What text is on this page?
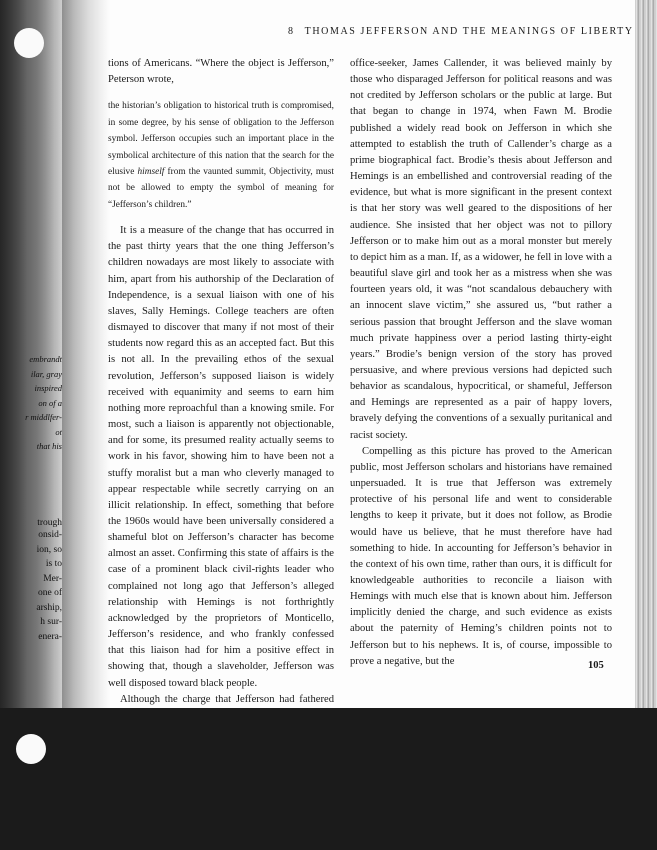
embrandt
ilar, gray
inspired
on of a
r middlfer-
ot
that his

trough
onsid-
ion, so
is to
Mer-
one of
arship,
h sur-
enera-
8 THOMAS JEFFERSON AND THE MEANINGS OF LIBERTY

tions of Americans. “Where the object is Jefferson,” Peterson wrote,

the historian’s obligation to historical truth is compromised, in some degree, by his sense of obligation to the Jefferson symbol. Jefferson occupies such an important place in the symbolical architecture of this nation that the search for the elusive himself from the vaunted summit, Objectivity, must not be allowed to empty the symbol of meaning for “Jefferson’s children.”

It is a measure of the change that has occurred in the past thirty years that the one thing Jefferson’s children nowadays are most likely to associate with him, apart from his authorship of the Declaration of Independence, is a sexual liaison with one of his slaves, Sally Hemings. College teachers are often dismayed to discover that many if not most of their students now regard this as an accepted fact. But this is not all. In the prevailing ethos of the sexual revolution, Jefferson’s supposed liaison is widely received with equanimity and seems to earn him nothing more reproachful than a knowing smile. For most, such a liaison is apparently not objectionable, and for some, its presumed reality actually seems to work in his favor, showing him to have been not a stuffy moralist but a man who cleverly managed to appear respectable while secretly carrying on an illicit relationship. In effect, something that before the 1960s would have been universally considered a shameful blot on Jefferson’s character has become almost an asset. Confirming this state of affairs is the case of a prominent black civil-rights leader who complained not long ago that Jefferson’s alleged relationship with Hemings is not forthrightly acknowledged by the proprietors of Monticello, Jefferson’s residence, and who frankly confessed that this liaison had for him a positive effect in showing that, though a slaveholder, Jefferson was well disposed toward black people.

Although the charge that Jefferson had fathered

office-seeker, James Callender, it was believed mainly by those who disparaged Jefferson for political reasons and was not credited by Jefferson scholars or the public at large. But that began to change in 1974, when Fawn M. Brodie published a widely read book on Jefferson in which she attempted to establish the truth of Callender’s charge as a prime biographical fact. Brodie’s thesis about Jefferson and Hemings is an embellished and controversial reading of the evidence, but what is more significant in the present context is that her story was well geared to the dispositions of her audience. She insisted that her object was not to pillory Jefferson or to make him out as a moral monster but merely to depict him as a man. If, as a widower, he fell in love with a beautiful slave girl and took her as a mistress when she was fourteen years old, it was “not scandalous debauchery with an innocent slave victim,” she assured us, “but rather a serious passion that brought Jefferson and the slave woman much private happiness over a period lasting thirty-eight years.” Brodie’s benign version of the story has proved persuasive, and where previous versions had depicted such behavior as scandalous, hypocritical, or shameful, Jefferson and Hemings are represented as a pair of happy lovers, bravely defying the conventions of a sexually puritanical and racist society.

Compelling as this picture has proved to the American public, most Jefferson scholars and historians have remained unpersuaded. It is true that Jefferson was extremely protective of his personal life and went to considerable lengths to keep it private, but it does not follow, as Brodie would have us believe, that he must therefore have had something to hide. In accounting for Jefferson’s behavior in the context of his own time, rather than ours, it is difficult for knowledgeable authorities to reconcile a liaison with Hemings with much else that is known about him. Jefferson implicitly denied the charge, and such evidence as exists about the paternity of Heming’s children points not to Jefferson but to his nephews. It is, of course, impossible to prove a negative, but the	105
